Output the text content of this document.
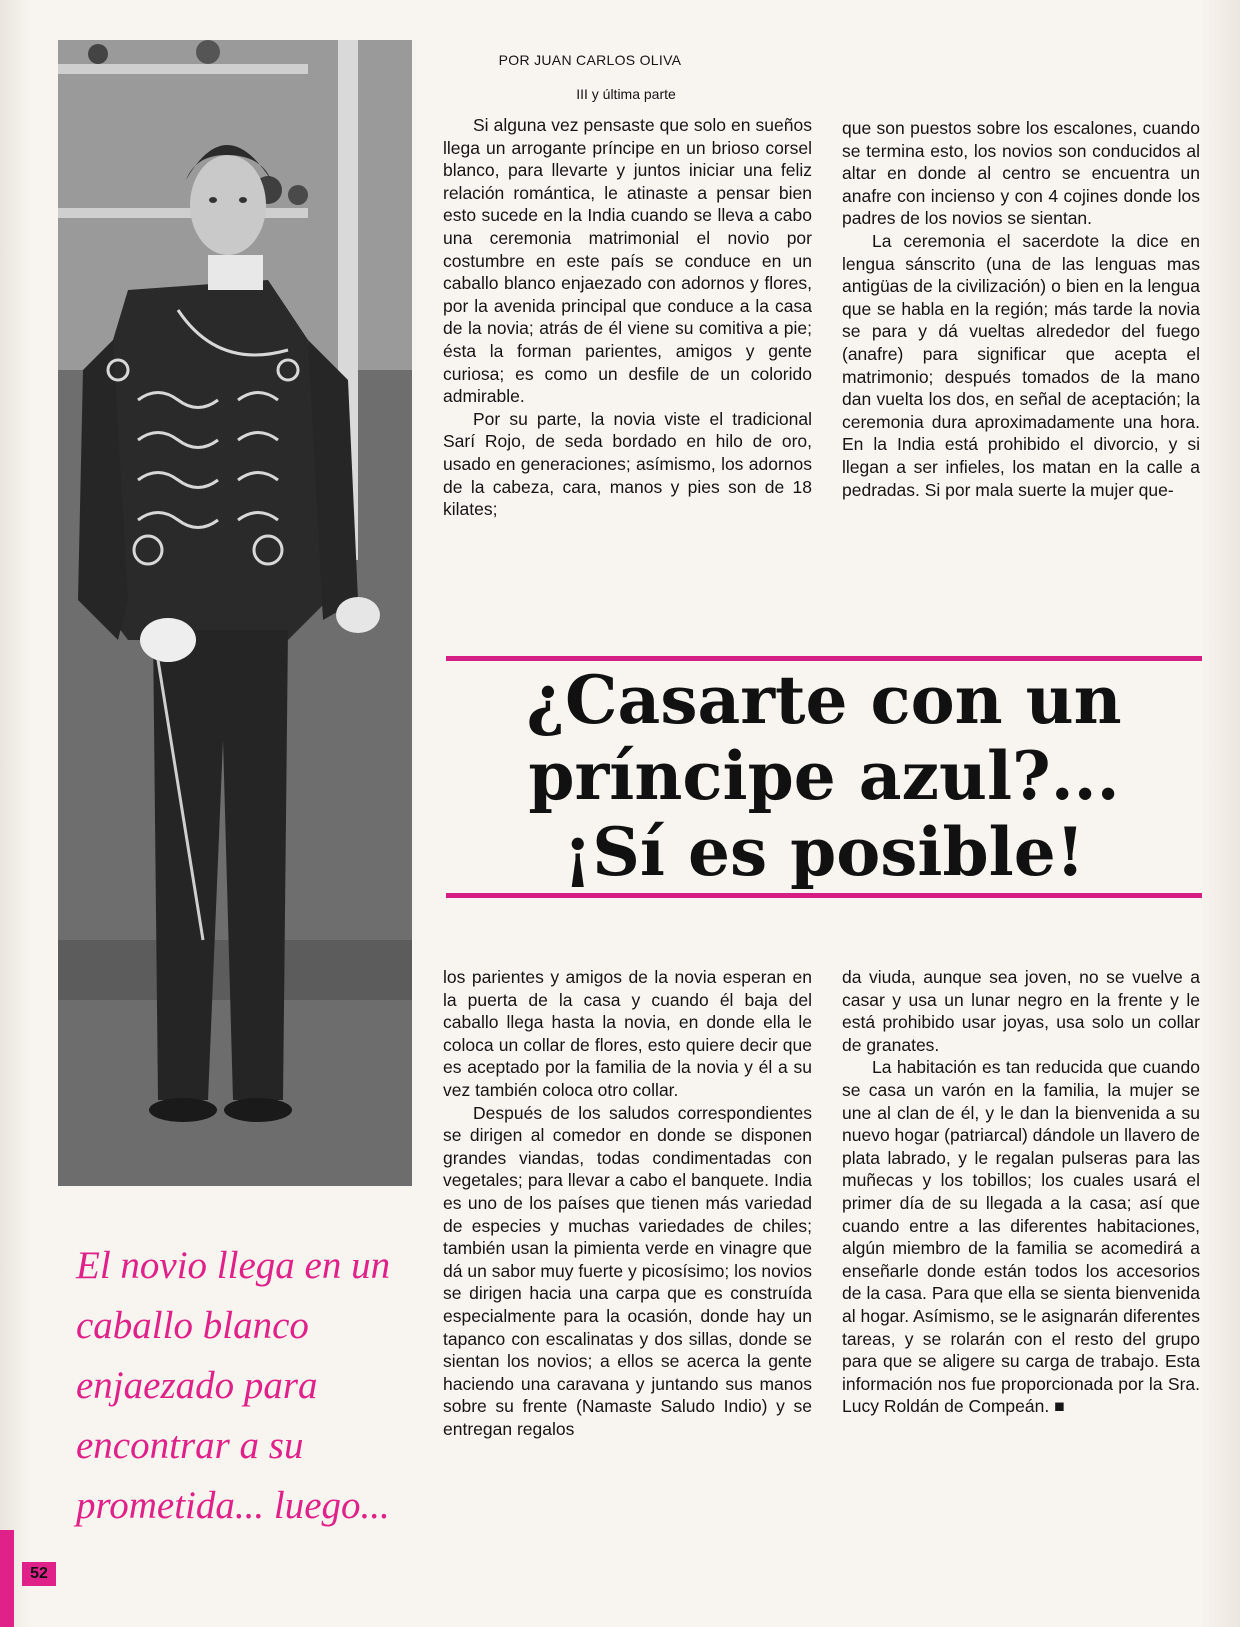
POR JUAN CARLOS OLIVA
III y última parte

Si alguna vez pensaste que solo en sueños llega un arrogante príncipe en un brioso corsel blanco, para llevarte y juntos iniciar una feliz relación romántica, le atinaste a pensar bien esto sucede en la India cuando se lleva a cabo una ceremonia matrimonial el novio por costumbre en este país se conduce en un caballo blanco enjaezado con adornos y flores, por la avenida principal que conduce a la casa de la novia; atrás de él viene su comitiva a pie; ésta la forman parientes, amigos y gente curiosa; es como un desfile de un colorido admirable.

Por su parte, la novia viste el tradicional Sarí Rojo, de seda bordado en hilo de oro, usado en generaciones; asímismo, los adornos de la cabeza, cara, manos y pies son de 18 kilates;

que son puestos sobre los escalones, cuando se termina esto, los novios son conducidos al altar en donde al centro se encuentra un anafre con incienso y con 4 cojines donde los padres de los novios se sientan.

La ceremonia el sacerdote la dice en lengua sánscrito (una de las lenguas mas antigüas de la civilización) o bien en la lengua que se habla en la región; más tarde la novia se para y dá vueltas alrededor del fuego (anafre) para significar que acepta el matrimonio; después tomados de la mano dan vuelta los dos, en señal de aceptación; la ceremonia dura aproximadamente una hora. En la India está prohibido el divorcio, y si llegan a ser infieles, los matan en la calle a pedradas. Si por mala suerte la mujer que-

¿Casarte con un
príncipe azul?...
¡Sí es posible!

los parientes y amigos de la novia esperan en la puerta de la casa y cuando él baja del caballo llega hasta la novia, en donde ella le coloca un collar de flores, esto quiere decir que es aceptado por la familia de la novia y él a su vez también coloca otro collar.

Después de los saludos correspondientes se dirigen al comedor en donde se disponen grandes viandas, todas condimentadas con vegetales; para llevar a cabo el banquete. India es uno de los países que tienen más variedad de especies y muchas variedades de chiles; también usan la pimienta verde en vinagre que dá un sabor muy fuerte y picosísimo; los novios se dirigen hacia una carpa que es construída especialmente para la ocasión, donde hay un tapanco con escalinatas y dos sillas, donde se sientan los novios; a ellos se acerca la gente haciendo una caravana y juntando sus manos sobre su frente (Namaste Saludo Indio) y se entregan regalos

da viuda, aunque sea joven, no se vuelve a casar y usa un lunar negro en la frente y le está prohibido usar joyas, usa solo un collar de granates.

La habitación es tan reducida que cuando se casa un varón en la familia, la mujer se une al clan de él, y le dan la bienvenida a su nuevo hogar (patriarcal) dándole un llavero de plata labrado, y le regalan pulseras para las muñecas y los tobillos; los cuales usará el primer día de su llegada a la casa; así que cuando entre a las diferentes habitaciones, algún miembro de la familia se acomedirá a enseñarle donde están todos los accesorios de la casa. Para que ella se sienta bienvenida al hogar. Asímismo, se le asignarán diferentes tareas, y se rolarán con el resto del grupo para que se aligere su carga de trabajo. Esta información nos fue proporcionada por la Sra. Lucy Roldán de Compeán. ■

El novio llega en un caballo blanco enjaezado para encontrar a su prometida... luego...
52
